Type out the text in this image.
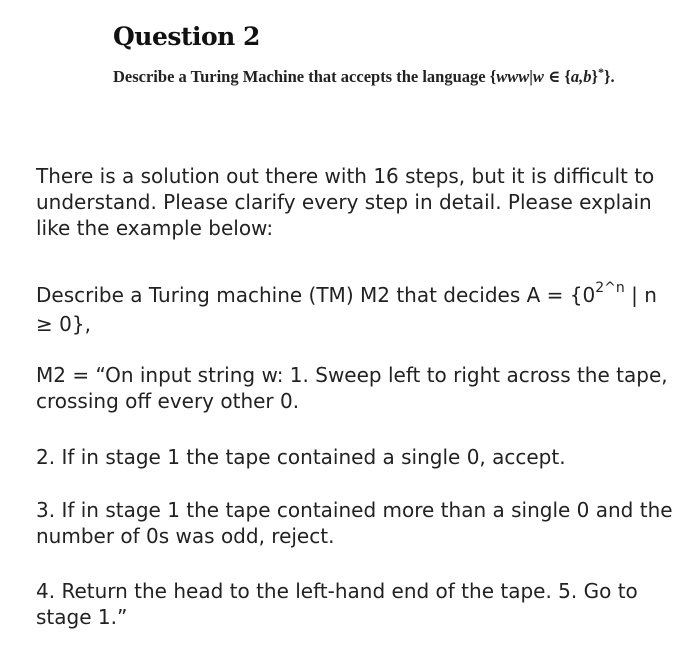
Question 2

Describe a Turing Machine that accepts the language {www|w ∈ {a,b}*}.

There is a solution out there with 16 steps, but it is difficult to understand. Please clarify every step in detail. Please explain like the example below:

Describe a Turing machine (TM) M2 that decides $A = \{0^{2\^{}n}$ | n ≥ 0},

M2 = “On input string w: 1. Sweep left to right across the tape, crossing off every other 0.

2. If in stage 1 the tape contained a single 0, accept.

3. If in stage 1 the tape contained more than a single 0 and the number of 0s was odd, reject.

4. Return the head to the left-hand end of the tape. 5. Go to stage 1.”
